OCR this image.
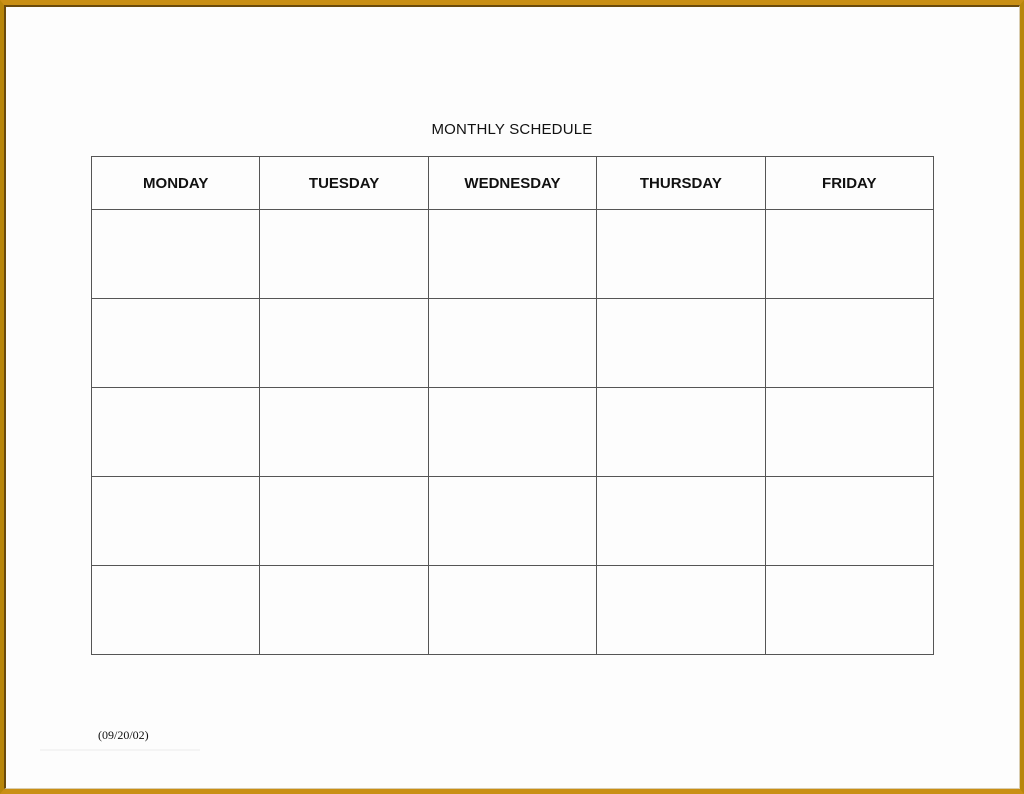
MONTHLY SCHEDULE
MONDAY	TUESDAY	WEDNESDAY	THURSDAY	FRIDAY

(09/20/02)
